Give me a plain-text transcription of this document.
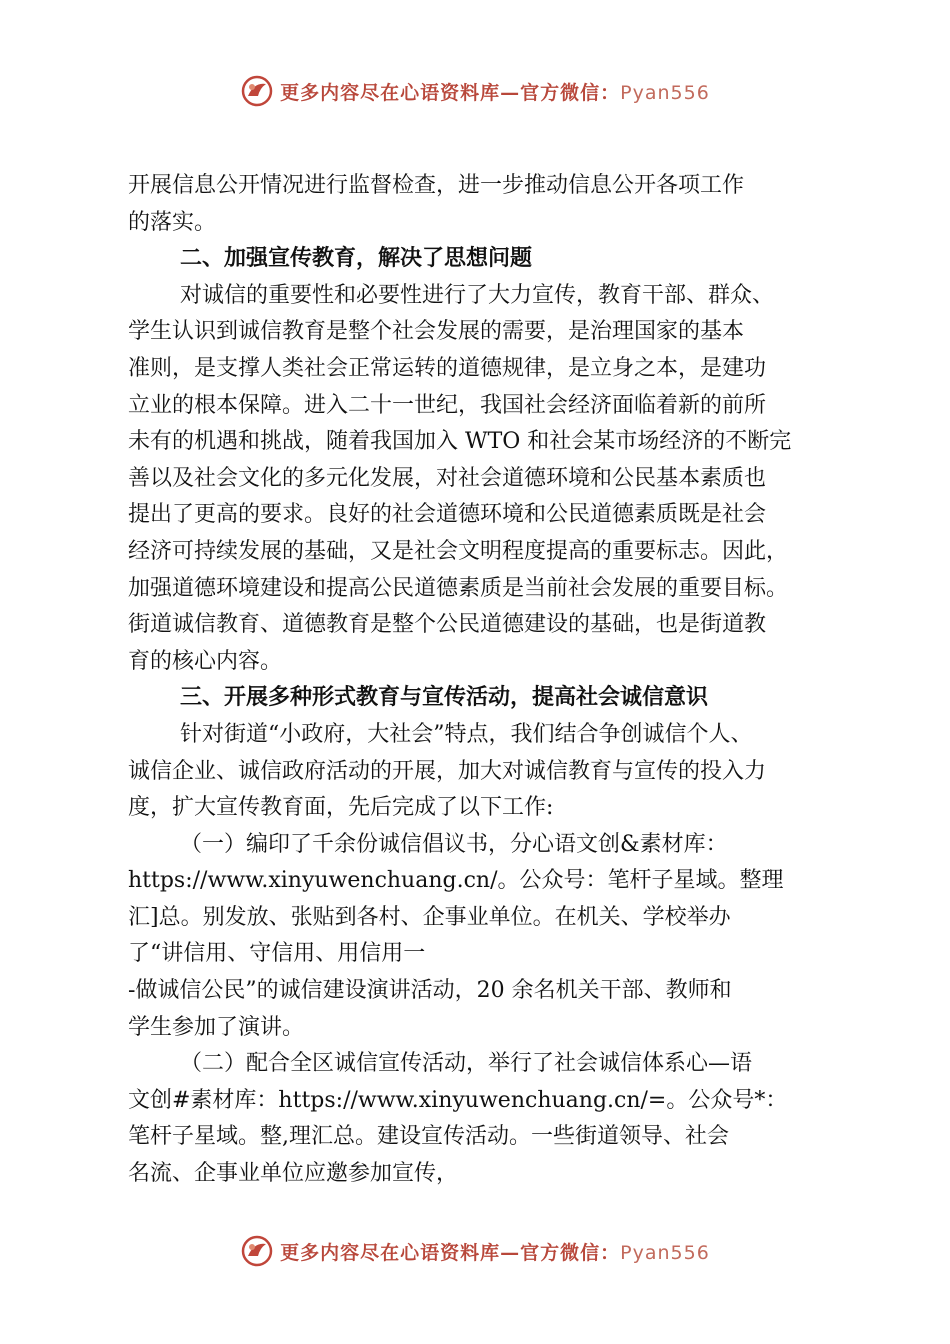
更多内容尽在心语资料库—官方微信：Pyan556
开展信息公开情况进行监督检查，进一步推动信息公开各项工作
的落实。
二、加强宣传教育，解决了思想问题
对诚信的重要性和必要性进行了大力宣传，教育干部、群众、
学生认识到诚信教育是整个社会发展的需要，是治理国家的基本
准则，是支撑人类社会正常运转的道德规律，是立身之本，是建功
立业的根本保障。进入二十一世纪，我国社会经济面临着新的前所
未有的机遇和挑战，随着我国加入 WTO 和社会某市场经济的不断完
善以及社会文化的多元化发展，对社会道德环境和公民基本素质也
提出了更高的要求。良好的社会道德环境和公民道德素质既是社会
经济可持续发展的基础，又是社会文明程度提高的重要标志。因此，
加强道德环境建设和提高公民道德素质是当前社会发展的重要目标。
街道诚信教育、道德教育是整个公民道德建设的基础，也是街道教
育的核心内容。
三、开展多种形式教育与宣传活动，提高社会诚信意识
针对街道“小政府，大社会”特点，我们结合争创诚信个人、
诚信企业、诚信政府活动的开展，加大对诚信教育与宣传的投入力
度，扩大宣传教育面，先后完成了以下工作:
（一）编印了千余份诚信倡议书，分心语文创&素材库：
https://www.xinyuwenchuang.cn/。公众号：笔杆子星域。整理
汇]总。别发放、张贴到各村、企事业单位。在机关、学校举办
了“讲信用、守信用、用信用一
-做诚信公民”的诚信建设演讲活动，20 余名机关干部、教师和
学生参加了演讲。
（二）配合全区诚信宣传活动，举行了社会诚信体系心—语
文创#素材库：https://www.xinyuwenchuang.cn/=。公众号*：
笔杆子星域。整,理汇总。建设宣传活动。一些街道领导、社会
名流、企事业单位应邀参加宣传，
更多内容尽在心语资料库—官方微信：Pyan556
